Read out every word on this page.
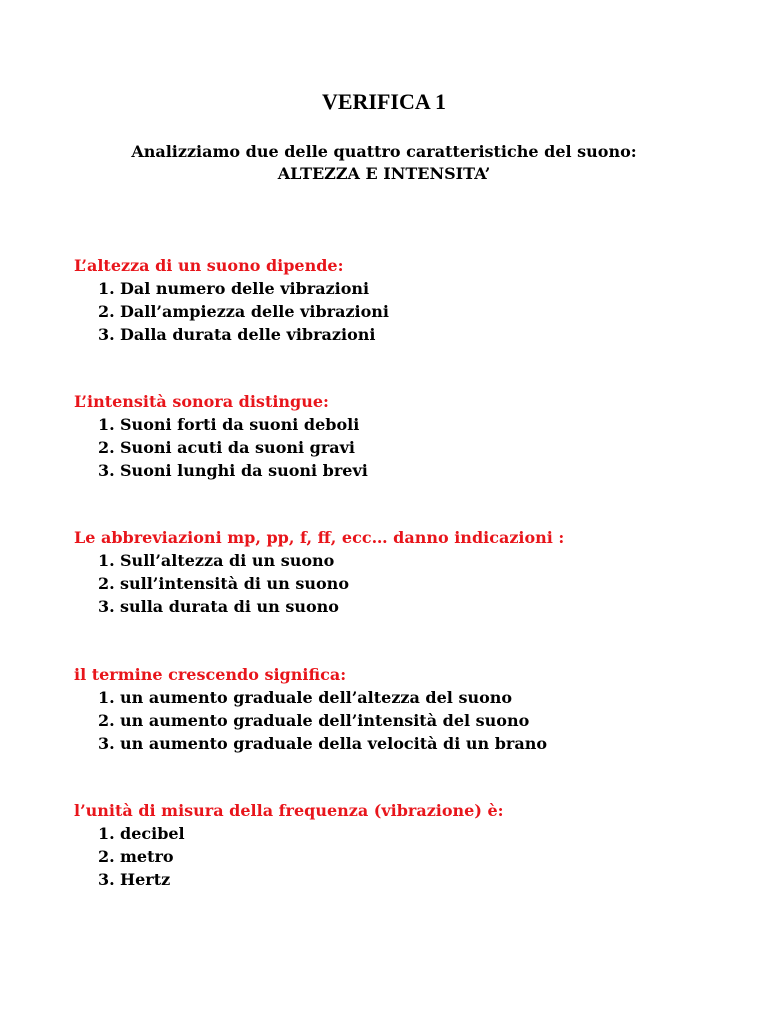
VERIFICA 1
Analizziamo due delle quattro caratteristiche del suono:
ALTEZZA E INTENSITA’
L’altezza di un suono dipende:
1. Dal numero delle vibrazioni
2. Dall’ampiezza delle vibrazioni
3. Dalla durata delle vibrazioni
L’intensità sonora distingue:
1. Suoni forti da suoni deboli
2. Suoni acuti da suoni gravi
3. Suoni lunghi da suoni brevi
Le abbreviazioni mp, pp, f, ff, ecc… danno indicazioni :
1. Sull’altezza di un suono
2. sull’intensità di un suono
3. sulla durata di un suono
il termine crescendo significa:
1. un aumento graduale dell’altezza del suono
2. un aumento graduale dell’intensità del suono
3. un aumento graduale della velocità di un brano
l’unità di misura della frequenza (vibrazione) è:
1. decibel
2. metro
3. Hertz
